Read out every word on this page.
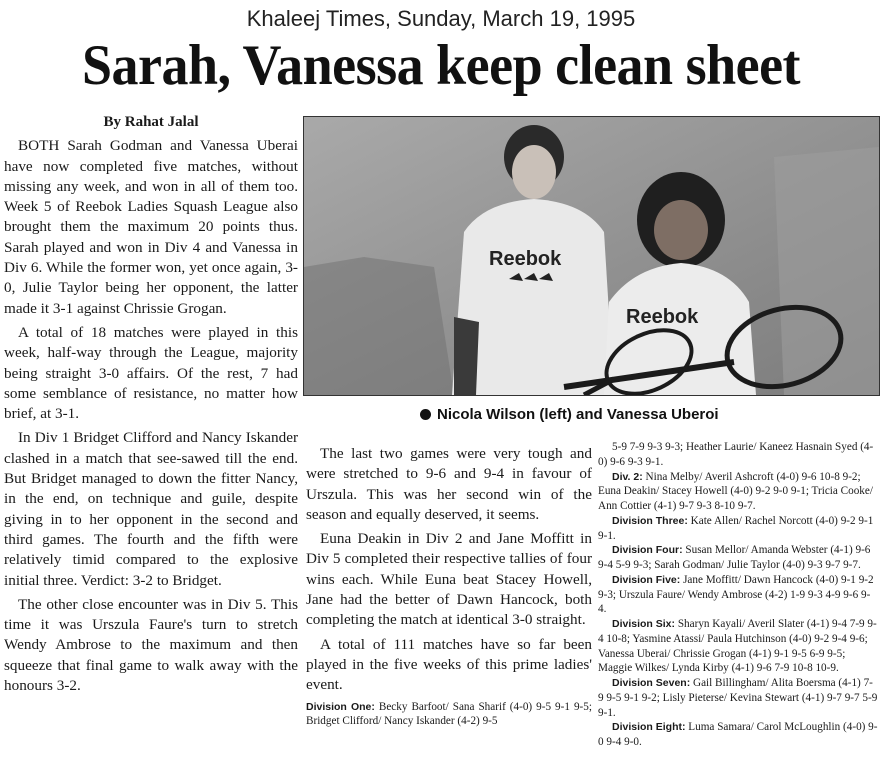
Khaleej Times, Sunday, March 19, 1995
Sarah, Vanessa keep clean sheet

By Rahat Jalal

BOTH Sarah Godman and Vanessa Uberai have now completed five matches, without missing any week, and won in all of them too. Week 5 of Reebok Ladies Squash League also brought them the maximum 20 points thus. Sarah played and won in Div 4 and Vanessa in Div 6. While the former won, yet once again, 3-0, Julie Taylor being her opponent, the latter made it 3-1 against Chrissie Grogan.

A total of 18 matches were played in this week, half-way through the League, majority being straight 3-0 affairs. Of the rest, 7 had some semblance of resistance, no matter how brief, at 3-1.

In Div 1 Bridget Clifford and Nancy Iskander clashed in a match that see-sawed till the end. But Bridget managed to down the fitter Nancy, in the end, on technique and guile, despite giving in to her opponent in the second and third games. The fourth and the fifth were relatively timid compared to the explosive initial three. Verdict: 3-2 to Bridget.

The other close encounter was in Div 5. This time it was Urszula Faure's turn to stretch Wendy Ambrose to the maximum and then squeeze that final game to walk away with the honours 3-2.

Reebok
Reebok
Nicola Wilson (left) and Vanessa Uberoi

The last two games were very tough and were stretched to 9-6 and 9-4 in favour of Urszula. This was her second win of the season and equally deserved, it seems.

Euna Deakin in Div 2 and Jane Moffitt in Div 5 completed their respective tallies of four wins each. While Euna beat Stacey Howell, Jane had the better of Dawn Hancock, both completing the match at identical 3-0 straight.

A total of 111 matches have so far been played in the five weeks of this prime ladies' event.

Division One: Becky Barfoot/ Sana Sharif (4-0) 9-5 9-1 9-5; Bridget Clifford/ Nancy Iskander (4-2) 9-5

5-9 7-9 9-3 9-3; Heather Laurie/ Kaneez Hasnain Syed (4-0) 9-6 9-3 9-1.

Div. 2: Nina Melby/ Averil Ashcroft (4-0) 9-6 10-8 9-2; Euna Deakin/ Stacey Howell (4-0) 9-2 9-0 9-1; Tricia Cooke/ Ann Cottier (4-1) 9-7 9-3 8-10 9-7.

Division Three: Kate Allen/ Rachel Norcott (4-0) 9-2 9-1 9-1.

Division Four: Susan Mellor/ Amanda Webster (4-1) 9-6 9-4 5-9 9-3; Sarah Godman/ Julie Taylor (4-0) 9-3 9-7 9-7.

Division Five: Jane Moffitt/ Dawn Hancock (4-0) 9-1 9-2 9-3; Urszula Faure/ Wendy Ambrose (4-2) 1-9 9-3 4-9 9-6 9-4.

Division Six: Sharyn Kayali/ Averil Slater (4-1) 9-4 7-9 9-4 10-8; Yasmine Atassi/ Paula Hutchinson (4-0) 9-2 9-4 9-6; Vanessa Uberai/ Chrissie Grogan (4-1) 9-1 9-5 6-9 9-5; Maggie Wilkes/ Lynda Kirby (4-1) 9-6 7-9 10-8 10-9.

Division Seven: Gail Billingham/ Alita Boersma (4-1) 7-9 9-5 9-1 9-2; Lisly Pieterse/ Kevina Stewart (4-1) 9-7 9-7 5-9 9-1.

Division Eight: Luma Samara/ Carol McLoughlin (4-0) 9-0 9-4 9-0.
